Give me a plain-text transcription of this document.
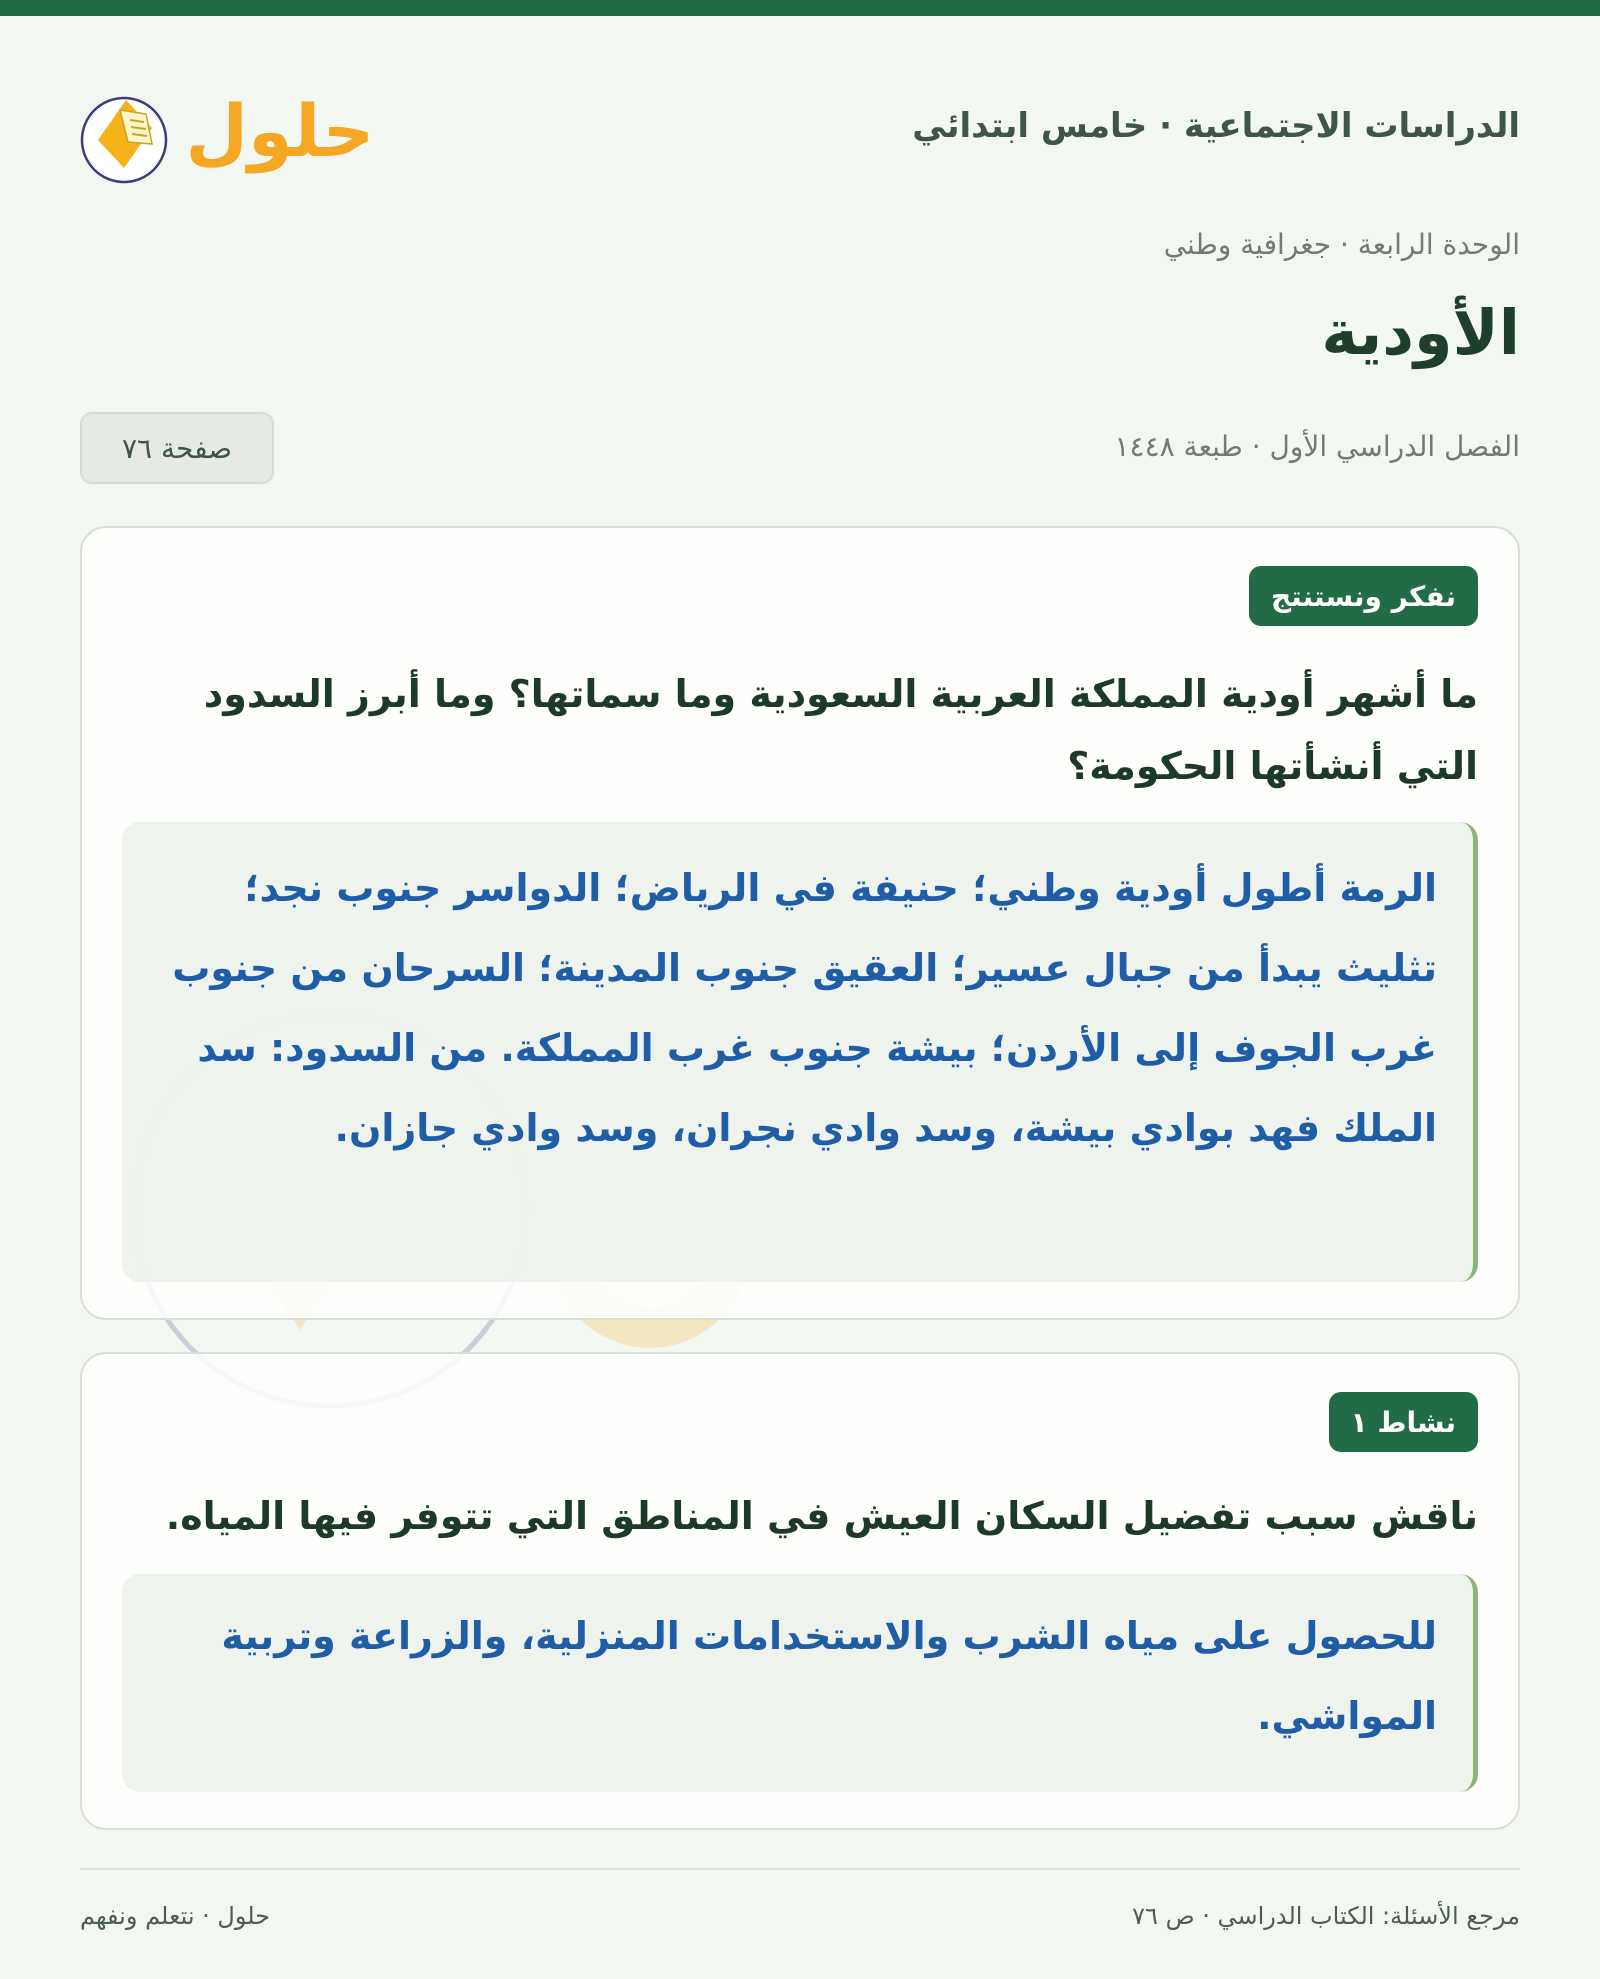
الدراسات الاجتماعية · خامس ابتدائي
حلول
الوحدة الرابعة · جغرافية وطني
الأودية
الفصل الدراسي الأول · طبعة ١٤٤٨
صفحة ٧٦
نفكر ونستنتج
ما أشهر أودية المملكة العربية السعودية وما سماتها؟ وما أبرز السدود التي أنشأتها الحكومة؟
الرمة أطول أودية وطني؛ حنيفة في الرياض؛ الدواسر جنوب نجد؛ تثليث يبدأ من جبال عسير؛ العقيق جنوب المدينة؛ السرحان من جنوب غرب الجوف إلى الأردن؛ بيشة جنوب غرب المملكة. من السدود: سد الملك فهد بوادي بيشة، وسد وادي نجران، وسد وادي جازان.
نشاط ١
ناقش سبب تفضيل السكان العيش في المناطق التي تتوفر فيها المياه.
للحصول على مياه الشرب والاستخدامات المنزلية، والزراعة وتربية المواشي.
مرجع الأسئلة: الكتاب الدراسي · ص ٧٦
حلول · نتعلم ونفهم
